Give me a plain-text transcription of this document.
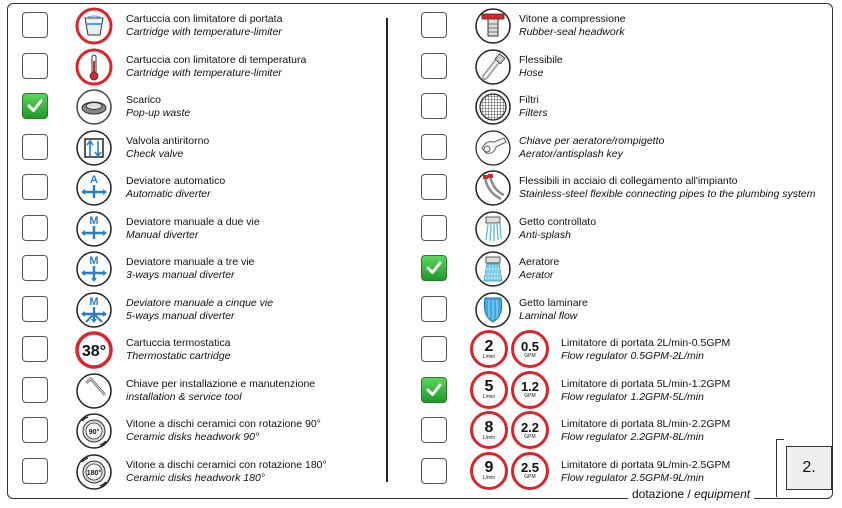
Cartuccia con limitatore di portata
Cartridge with temperature-limiter
Cartuccia con limitatore di temperatura
Cartridge with temperature-limiter
Scarico
Pop-up waste
Valvola antiritorno
Check valve
A	Deviatore automatico
Automatic diverter
M	Deviatore manuale a due vie
Manual diverter
M	Deviatore manuale a tre vie
3-ways manual diverter
M	Deviatore manuale a cinque vie
5-ways manual diverter
38° Cartuccia termostatica
Thermostatic cartridge
Chiave per installazione e manutenzione
installation & service tool
90°
Vitone a dischi ceramici con rotazione 90°
Ceramic disks headwork 90°
180°
Vitone a dischi ceramici con rotazione 180°
Ceramic disks headwork 180°
Vitone a compressione
Rubber-seal headwork
Flessibile
Hose
Filtri
Filters
Chiave per aeratore/rompigetto
Aerator/antisplash key
Flessibili in acciaio di collegamento all'impianto
Stainless-steel flexible connecting pipes to the plumbing system
Getto controllato
Anti-splash
Aeratore
Aerator
Getto laminare
Laminal flow
2
L/min
0.5
GPM
Limitatore di portata 2L/min-0.5GPM
Flow regulator 0.5GPM-2L/min
5
L/min
1.2
GPM
Limitatore di portata 5L/min-1.2GPM
Flow regulator 1.2GPM-5L/min
8
L/min
2.2
GPM
Limitatore di portata 8L/min-2.2GPM
Flow regulator 2.2GPM-8L/min
9
L/min
2.5
GPM
Limitatore di portata 9L/min-2.5GPM
Flow regulator 2.5GPM-9L/min
2.
dotazione / equipment
